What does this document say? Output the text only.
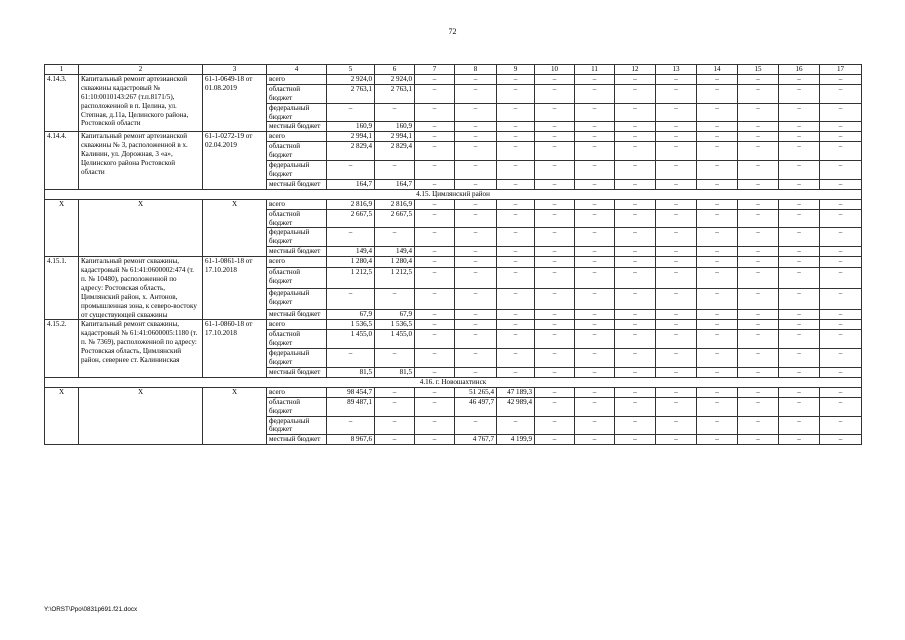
72
1	2	3	4	5	6	7	8	9	10	11	12	13	14	15	16	17
4.14.3.	Капитальный ремонт артезианской скважины кадастровый № 61:10:0010143:267 (т.п.8171/5), расположенной в п. Целина, ул. Степная, д.11а, Целинского района, Ростовской области	61-1-0649-18 от 01.08.2019	всего	2 924,0	2 924,0	–	–	–	–	–	–	–	–	–	–	–
			областной бюджет	2 763,1	2 763,1	–	–	–	–	–	–	–	–	–	–	–
			федеральный бюджет	–	–	–	–	–	–	–	–	–	–	–	–	–
			местный бюджет	160,9	160,9	–	–	–	–	–	–	–	–	–	–	–
4.14.4.	Капитальный ремонт артезианской скважины № 3, расположенной в х. Калинин, ул. Дорожная, 3 «а», Целинского района Ростовской области	61-1-0272-19 от 02.04.2019	всего	2 994,1	2 994,1	–	–	–	–	–	–	–	–	–	–	–
			областной бюджет	2 829,4	2 829,4	–	–	–	–	–	–	–	–	–	–	–
			федеральный бюджет	–	–	–	–	–	–	–	–	–	–	–	–	–
			местный бюджет	164,7	164,7	–	–	–	–	–	–	–	–	–	–	–
4.15. Цимлянский район																
Х	Х	Х	всего	2 816,9	2 816,9	–	–	–	–	–	–	–	–	–	–	–
			областной бюджет	2 667,5	2 667,5	–	–	–	–	–	–	–	–	–	–	–
			федеральный бюджет	–	–	–	–	–	–	–	–	–	–	–	–	–
			местный бюджет	149,4	149,4	–	–	–	–	–	–	–	–	–	–	–
4.15.1.	Капитальный ремонт скважины, кадастровый № 61:41:0600002:474 (т. п. № 10480), расположенной по адресу: Ростовская область, Цимлянский район, х. Антонов, промышленная зона, к северо-востоку от существующей скважины	61-1-0861-18 от 17.10.2018	всего	1 280,4	1 280,4	–	–	–	–	–	–	–	–	–	–	–
			областной бюджет	1 212,5	1 212,5	–	–	–	–	–	–	–	–	–	–	–
			федеральный бюджет	–	–	–	–	–	–	–	–	–	–	–	–	–
			местный бюджет	67,9	67,9	–	–	–	–	–	–	–	–	–	–	–
4.15.2.	Капитальный ремонт скважины, кадастровый № 61:41:0600005:1180 (т. п. № 7369), расположенной по адресу: Ростовская область, Цимлянский район, севернее ст. Калининская	61-1-0860-18 от 17.10.2018	всего	1 536,5	1 536,5	–	–	–	–	–	–	–	–	–	–	–
			областной бюджет	1 455,0	1 455,0	–	–	–	–	–	–	–	–	–	–	–
			федеральный бюджет	–	–	–	–	–	–	–	–	–	–	–	–	–
			местный бюджет	81,5	81,5	–	–	–	–	–	–	–	–	–	–	–
4.16. г. Новошахтинск																
Х	Х	Х	всего	98 454,7	–	–	51 265,4	47 189,3	–	–	–	–	–	–	–	–
			областной бюджет	89 487,1	–	–	46 497,7	42 989,4	–	–	–	–	–	–	–	–
			федеральный бюджет	–	–	–	–	–	–	–	–	–	–	–	–	–
			местный бюджет	8 967,6	–	–	4 767,7	4 199,9	–	–	–	–	–	–	–	–
Y:\ORST\Ppo\0831p691.f21.docx
